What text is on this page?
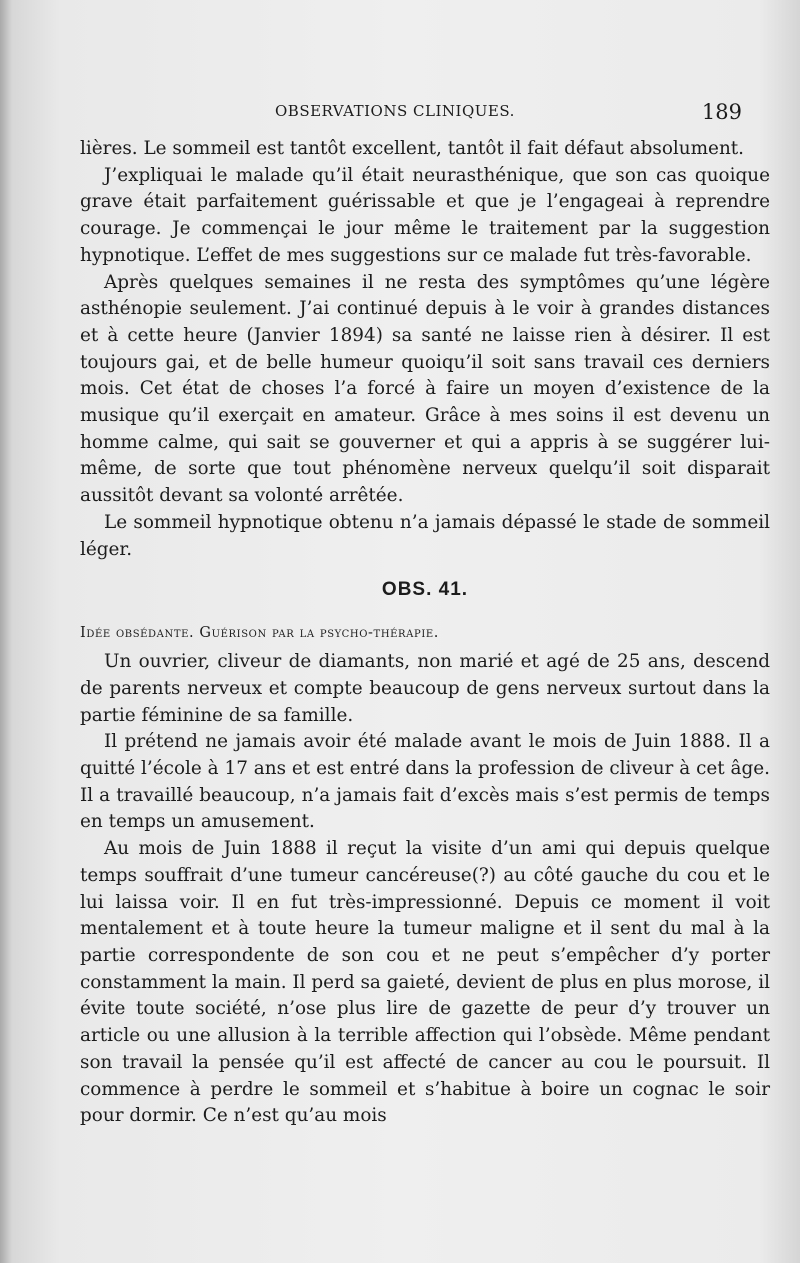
OBSERVATIONS CLINIQUES.	189

lières. Le sommeil est tantôt excellent, tantôt il fait défaut absolument.

J’expliquai le malade qu’il était neurasthénique, que son cas quoique grave était parfaitement guérissable et que je l’engageai à reprendre courage. Je commençai le jour même le traitement par la suggestion hypnotique. L’effet de mes suggestions sur ce malade fut très-favorable.

Après quelques semaines il ne resta des symptômes qu’une légère asthénopie seulement. J’ai continué depuis à le voir à grandes distances et à cette heure (Janvier 1894) sa santé ne laisse rien à désirer. Il est toujours gai, et de belle humeur quoiqu’il soit sans travail ces derniers mois. Cet état de choses l’a forcé à faire un moyen d’existence de la musique qu’il exerçait en amateur. Grâce à mes soins il est devenu un homme calme, qui sait se gouverner et qui a appris à se suggérer lui-même, de sorte que tout phénomène nerveux quelqu’il soit disparait aussitôt devant sa volonté arrêtée.

Le sommeil hypnotique obtenu n’a jamais dépassé le stade de sommeil léger.

OBS. 41.
Idée obsédante. Guérison par la psycho-thérapie.

Un ouvrier, cliveur de diamants, non marié et agé de 25 ans, descend de parents nerveux et compte beaucoup de gens nerveux surtout dans la partie féminine de sa famille.

Il prétend ne jamais avoir été malade avant le mois de Juin 1888. Il a quitté l’école à 17 ans et est entré dans la profession de cliveur à cet âge. Il a travaillé beaucoup, n’a jamais fait d’excès mais s’est permis de temps en temps un amusement.

Au mois de Juin 1888 il reçut la visite d’un ami qui depuis quelque temps souffrait d’une tumeur cancéreuse(?) au côté gauche du cou et le lui laissa voir. Il en fut très-impressionné. Depuis ce moment il voit mentalement et à toute heure la tumeur maligne et il sent du mal à la partie correspondente de son cou et ne peut s’empêcher d’y porter constamment la main. Il perd sa gaieté, devient de plus en plus morose, il évite toute société, n’ose plus lire de gazette de peur d’y trouver un article ou une allusion à la terrible affection qui l’obsède. Même pendant son travail la pensée qu’il est affecté de cancer au cou le poursuit. Il commence à perdre le sommeil et s’habitue à boire un cognac le soir pour dormir. Ce n’est qu’au mois
